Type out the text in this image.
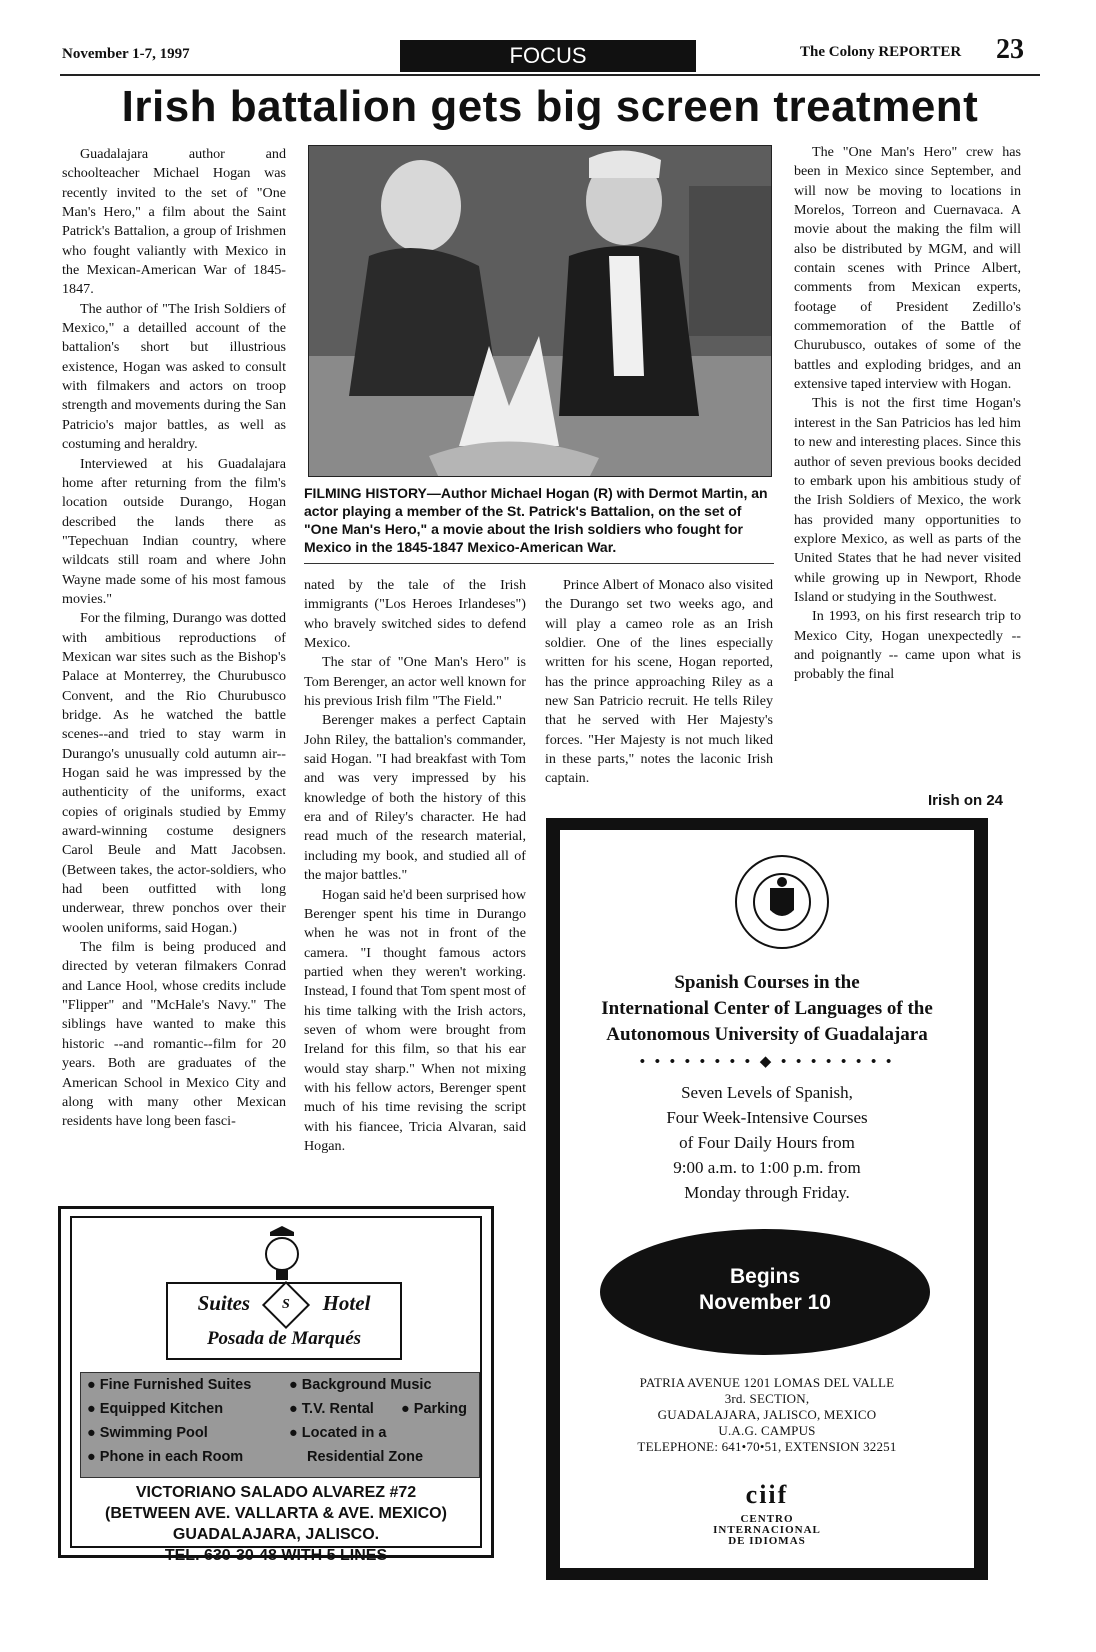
November 1-7, 1997	FOCUS	The Colony REPORTER 23
Irish battalion gets big screen treatment

Guadalajara author and schoolteacher Michael Hogan was recently invited to the set of "One Man's Hero," a film about the Saint Patrick's Battalion, a group of Irishmen who fought valiantly with Mexico in the Mexican-American War of 1845-1847.

The author of "The Irish Soldiers of Mexico," a detailled account of the battalion's short but illustrious existence, Hogan was asked to consult with filmakers and actors on troop strength and movements during the San Patricio's major battles, as well as costuming and heraldry.

Interviewed at his Guadalajara home after returning from the film's location outside Durango, Hogan described the lands there as "Tepechuan Indian country, where wildcats still roam and where John Wayne made some of his most famous movies."

For the filming, Durango was dotted with ambitious reproductions of Mexican war sites such as the Bishop's Palace at Monterrey, the Churubusco Convent, and the Rio Churubusco bridge. As he watched the battle scenes--and tried to stay warm in Durango's unusually cold autumn air--Hogan said he was impressed by the authenticity of the uniforms, exact copies of originals studied by Emmy award-winning costume designers Carol Beule and Matt Jacobsen. (Between takes, the actor-soldiers, who had been outfitted with long underwear, threw ponchos over their woolen uniforms, said Hogan.)

The film is being produced and directed by veteran filmakers Conrad and Lance Hool, whose credits include "Flipper" and "McHale's Navy." The siblings have wanted to make this historic --and romantic--film for 20 years. Both are graduates of the American School in Mexico City and along with many other Mexican residents have long been fasci-

FILMING HISTORY—Author Michael Hogan (R) with Dermot Martin, an actor playing a member of the St. Patrick's Battalion, on the set of "One Man's Hero," a movie about the Irish soldiers who fought for Mexico in the 1845-1847 Mexico-American War.

nated by the tale of the Irish immigrants ("Los Heroes Irlandeses") who bravely switched sides to defend Mexico.

The star of "One Man's Hero" is Tom Berenger, an actor well known for his previous Irish film "The Field."

Berenger makes a perfect Captain John Riley, the battalion's commander, said Hogan. "I had breakfast with Tom and was very impressed by his knowledge of both the history of this era and of Riley's character. He had read much of the research material, including my book, and studied all of the major battles."

Hogan said he'd been surprised how Berenger spent his time in Durango when he was not in front of the camera. "I thought famous actors partied when they weren't working. Instead, I found that Tom spent most of his time talking with the Irish actors, seven of whom were brought from Ireland for this film, so that his ear would stay sharp." When not mixing with his fellow actors, Berenger spent much of his time revising the script with his fiancee, Tricia Alvaran, said Hogan.

Prince Albert of Monaco also visited the Durango set two weeks ago, and will play a cameo role as an Irish soldier. One of the lines especially written for his scene, Hogan reported, has the prince approaching Riley as a new San Patricio recruit. He tells Riley that he served with Her Majesty's forces. "Her Majesty is not much liked in these parts," notes the laconic Irish captain.

The "One Man's Hero" crew has been in Mexico since September, and will now be moving to locations in Morelos, Torreon and Cuernavaca. A movie about the making the film will also be distributed by MGM, and will contain scenes with Prince Albert, comments from Mexican experts, footage of President Zedillo's commemoration of the Battle of Churubusco, outakes of some of the battles and exploding bridges, and an extensive taped interview with Hogan.

This is not the first time Hogan's interest in the San Patricios has led him to new and interesting places. Since this author of seven previous books decided to embark upon his ambitious study of the Irish Soldiers of Mexico, the work has provided many opportunities to explore Mexico, as well as parts of the United States that he had never visited while growing up in Newport, Rhode Island or studying in the Southwest.

In 1993, on his first research trip to Mexico City, Hogan unexpectedly -- and poignantly -- came upon what is probably the final

Irish on 24
Spanish Courses in the
International Center of Languages of the
Autonomous University of Guadalajara
• • • • • • • • ◆ • • • • • • • •
Seven Levels of Spanish,
Four Week-Intensive Courses
of Four Daily Hours from
9:00 a.m. to 1:00 p.m. from
Monday through Friday.
Begins
November 10
PATRIA AVENUE 1201 LOMAS DEL VALLE
3rd. SECTION,
GUADALAJARA, JALISCO, MEXICO
U.A.G. CAMPUS
TELEPHONE: 641•70•51, EXTENSION 32251
ciif
CENTRO
INTERNACIONAL
DE IDIOMAS
Suites S Hotel
Posada de Marqués
● Fine Furnished Suites	● Background Music
● Equipped Kitchen	● T.V. Rental ● Parking
● Swimming Pool	● Located in a
● Phone in each Room	Residential Zone
VICTORIANO SALADO ALVAREZ #72
(BETWEEN AVE. VALLARTA & AVE. MEXICO)
GUADALAJARA, JALISCO.
TEL. 630-30-48 WITH 5 LINES
